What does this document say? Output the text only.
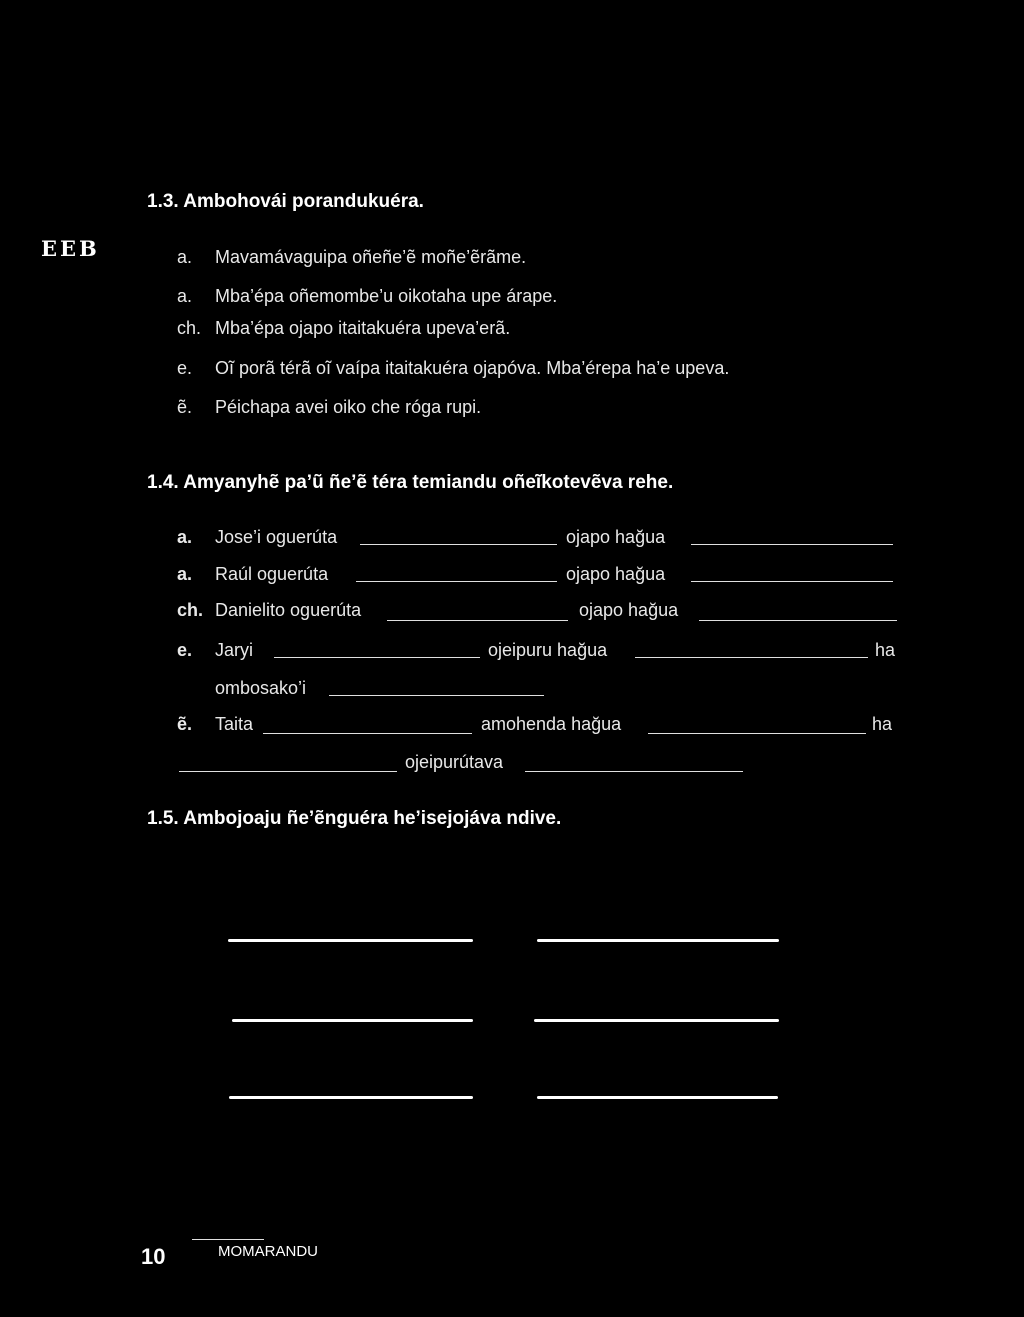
EEB
1.3. Ambohovái porandukuéra.
a. Mavamávaguipa oñeñe’ẽ moñe’ẽrãme.
a. Mba’épa oñemombe’u oikotaha upe árape.
ch. Mba’épa ojapo itaitakuéra upeva’erã.
e. Oĩ porã térã oĩ vaípa itaitakuéra ojapóva. Mba’érepa ha’e upeva.
ẽ. Péichapa avei oiko che róga rupi.
1.4. Amyanyhẽ pa’ũ ñe’ẽ téra temiandu oñeĩkotevẽva rehe.
a. Jose’i oguerúta	ojapo hağua
a. Raúl oguerúta	ojapo hağua
ch. Danielito oguerúta	ojapo hağua
e. Jaryi	ojeipuru hağua	ha
ombosako’i
ẽ. Taita	amohenda hağua	ha
ojeipurútava
1.5. Ambojoaju ñe’ẽnguéra he’isejojáva ndive.
10	MOMARANDU
